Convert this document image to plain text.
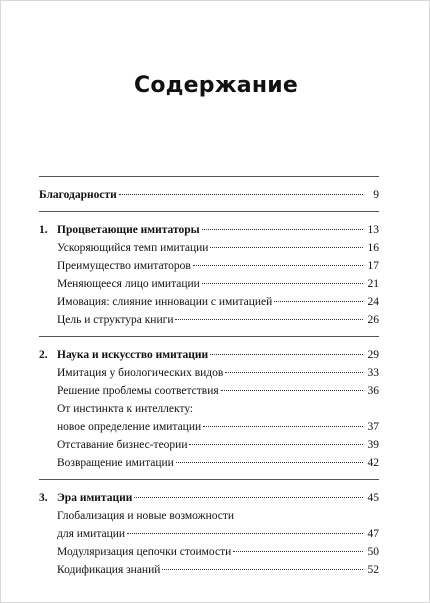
Содержание
Благодарности	9
1. Процветающие имитаторы	13
Ускоряющийся темп имитации	16
Преимущество имитаторов	17
Меняющееся лицо имитации	21
Имовация: слияние инновации с имитацией	24
Цель и структура книги	26
2. Наука и искусство имитации	29
Имитация у биологических видов	33
Решение проблемы соответствия	36
От инстинкта к интеллекту:
новое определение имитации	37
Отставание бизнес-теории	39
Возвращение имитации	42
3. Эра имитации	45
Глобализация и новые возможности
для имитации	47
Модуляризация цепочки стоимости	50
Кодификация знаний	52
